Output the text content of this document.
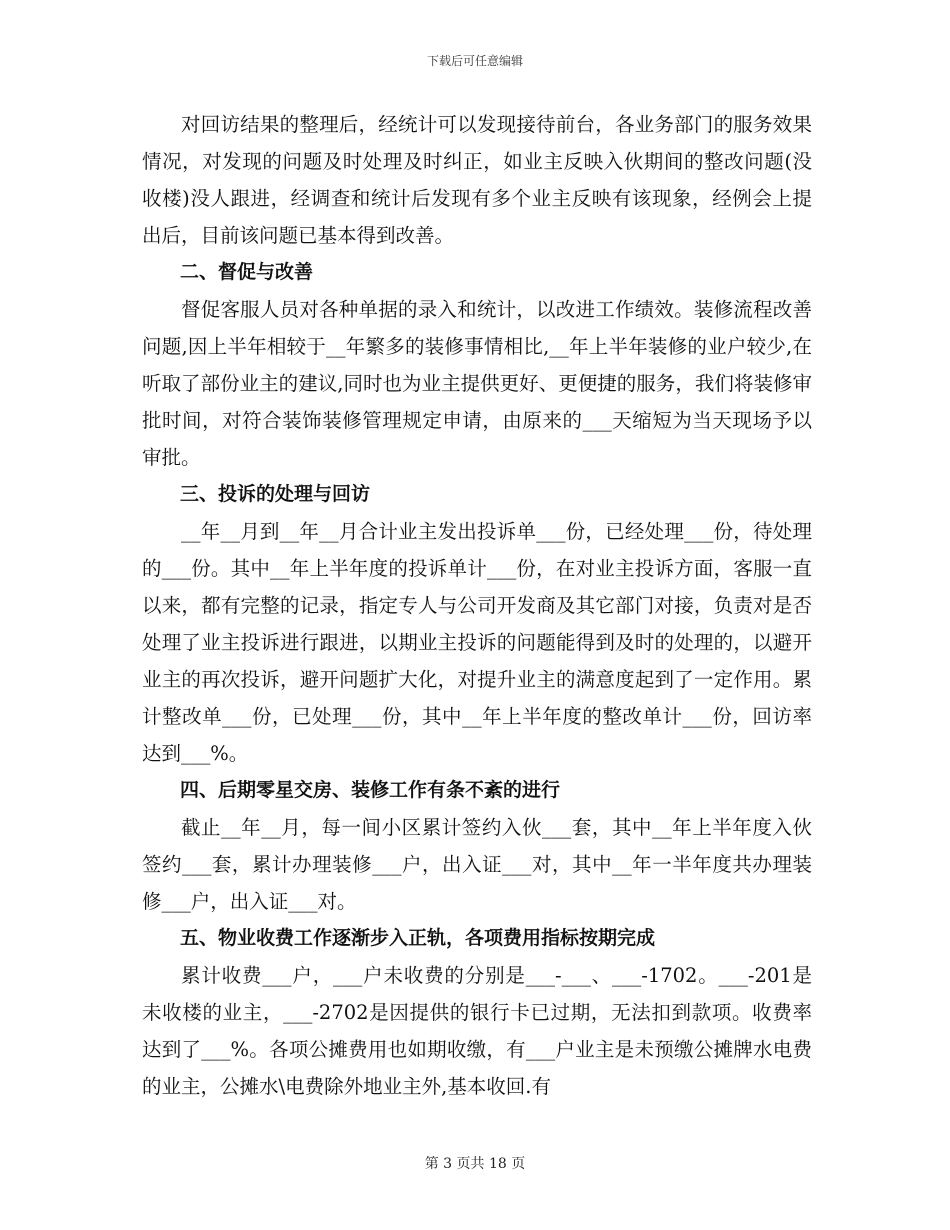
下载后可任意编辑

对回访结果的整理后，经统计可以发现接待前台，各业务部门的服务效果情况，对发现的问题及时处理及时纠正，如业主反映入伙期间的整改问题(没收楼)没人跟进，经调查和统计后发现有多个业主反映有该现象，经例会上提出后，目前该问题已基本得到改善。

二、督促与改善

督促客服人员对各种单据的录入和统计，以改进工作绩效。装修流程改善问题,因上半年相较于__年繁多的装修事情相比,__年上半年装修的业户较少,在听取了部份业主的建议,同时也为业主提供更好、更便捷的服务，我们将装修审批时间，对符合装饰装修管理规定申请，由原来的___天缩短为当天现场予以审批。

三、投诉的处理与回访

__年__月到__年__月合计业主发出投诉单___份，已经处理___份，待处理的___份。其中__年上半年度的投诉单计___份，在对业主投诉方面，客服一直以来，都有完整的记录，指定专人与公司开发商及其它部门对接，负责对是否处理了业主投诉进行跟进，以期业主投诉的问题能得到及时的处理的，以避开业主的再次投诉，避开问题扩大化，对提升业主的满意度起到了一定作用。累计整改单___份，已处理___份，其中__年上半年度的整改单计___份，回访率达到___%。

四、后期零星交房、装修工作有条不紊的进行

截止__年__月，每一间小区累计签约入伙___套，其中__年上半年度入伙签约___套，累计办理装修___户，出入证___对，其中__年一半年度共办理装修___户，出入证___对。

五、物业收费工作逐渐步入正轨，各项费用指标按期完成

累计收费___户，___户未收费的分别是___-___、___-1702。___-201是未收楼的业主，___-2702是因提供的银行卡已过期，无法扣到款项。收费率达到了___%。各项公摊费用也如期收缴，有___户业主是未预缴公摊牌水电费的业主，公摊水\电费除外地业主外,基本收回.有

第 3 页共 18 页
